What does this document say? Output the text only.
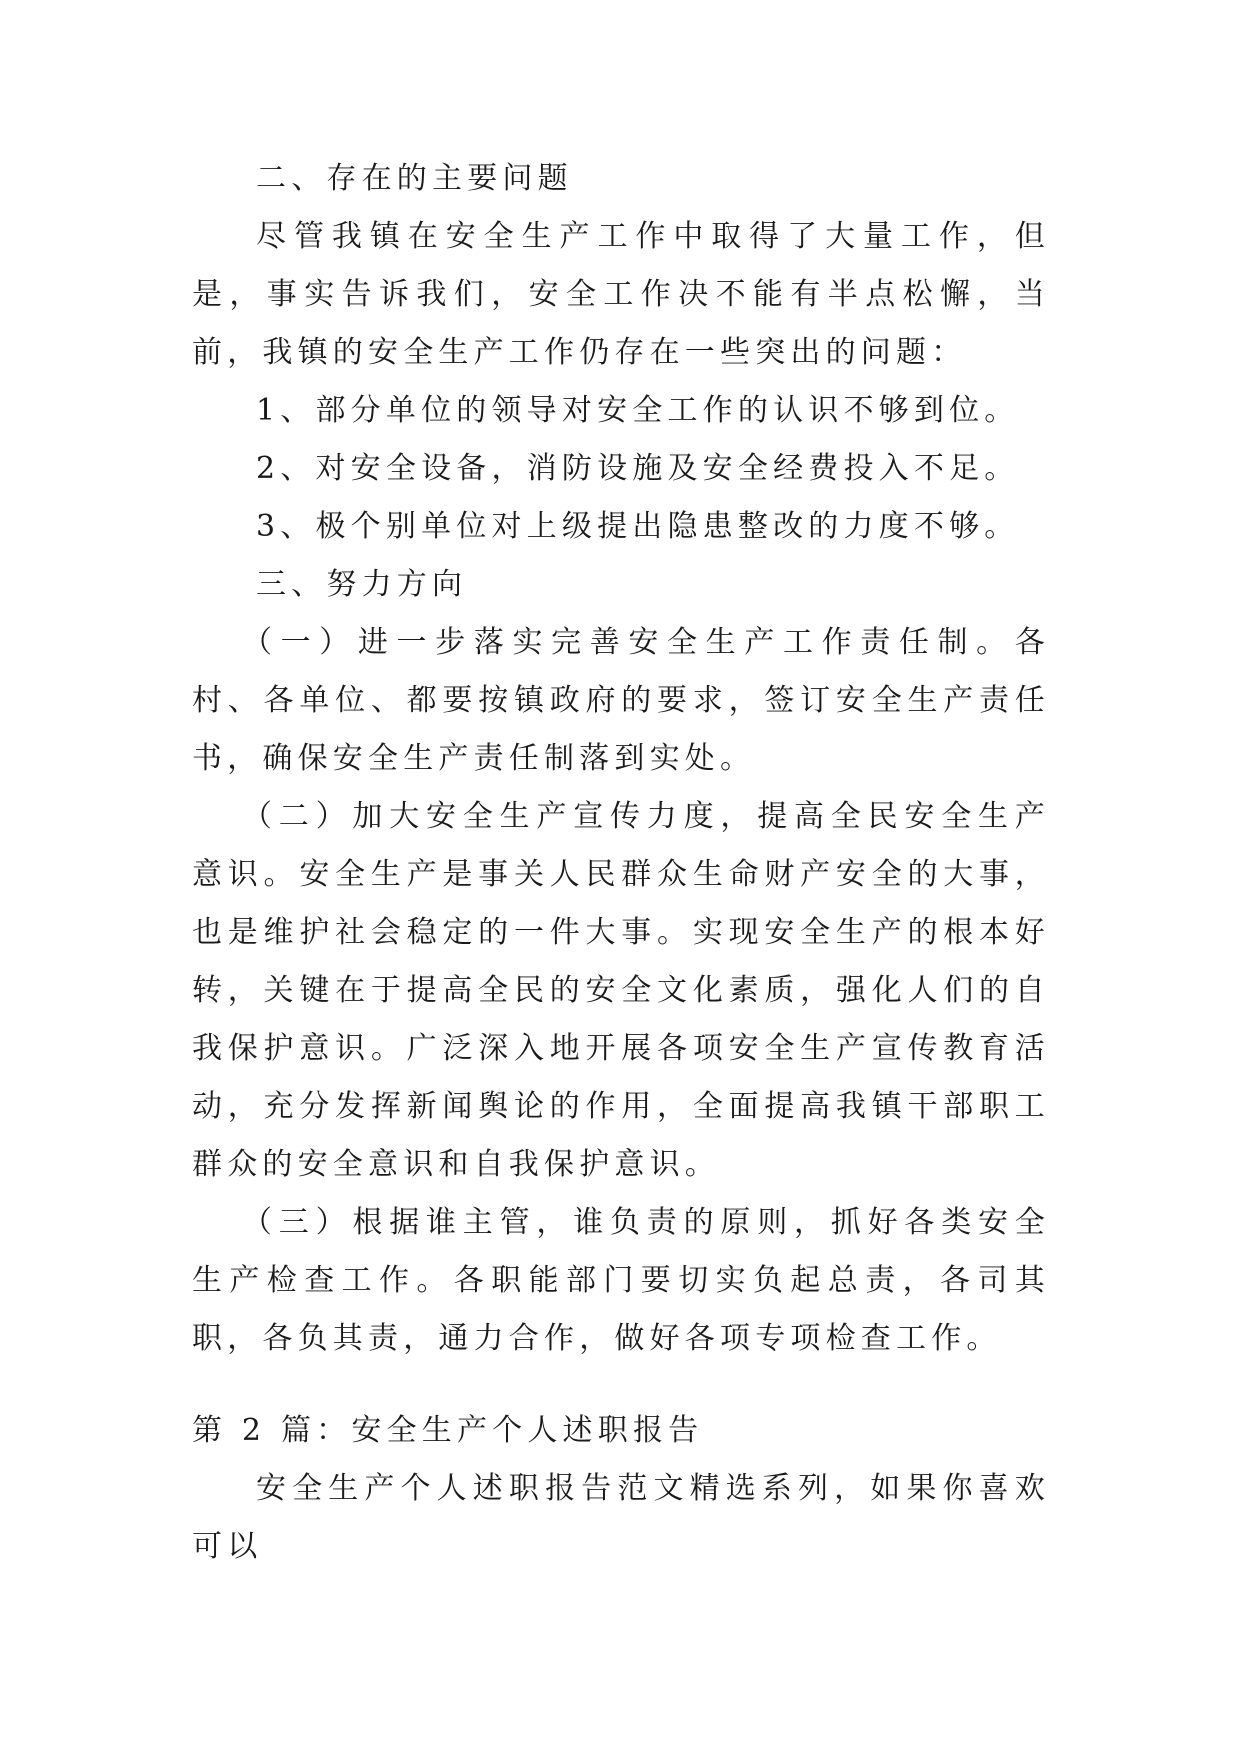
二、存在的主要问题

尽管我镇在安全生产工作中取得了大量工作，但是，事实告诉我们，安全工作决不能有半点松懈，当前，我镇的安全生产工作仍存在一些突出的问题：

1、部分单位的领导对安全工作的认识不够到位。

2、对安全设备，消防设施及安全经费投入不足。

3、极个别单位对上级提出隐患整改的力度不够。

三、努力方向

（一）进一步落实完善安全生产工作责任制。各村、各单位、都要按镇政府的要求，签订安全生产责任书，确保安全生产责任制落到实处。

（二）加大安全生产宣传力度，提高全民安全生产意识。安全生产是事关人民群众生命财产安全的大事，也是维护社会稳定的一件大事。实现安全生产的根本好转，关键在于提高全民的安全文化素质，强化人们的自我保护意识。广泛深入地开展各项安全生产宣传教育活动，充分发挥新闻舆论的作用，全面提高我镇干部职工群众的安全意识和自我保护意识。

（三）根据谁主管，谁负责的原则，抓好各类安全生产检查工作。各职能部门要切实负起总责，各司其职，各负其责，通力合作，做好各项专项检查工作。

第 2 篇：安全生产个人述职报告

安全生产个人述职报告范文精选系列，如果你喜欢可以
